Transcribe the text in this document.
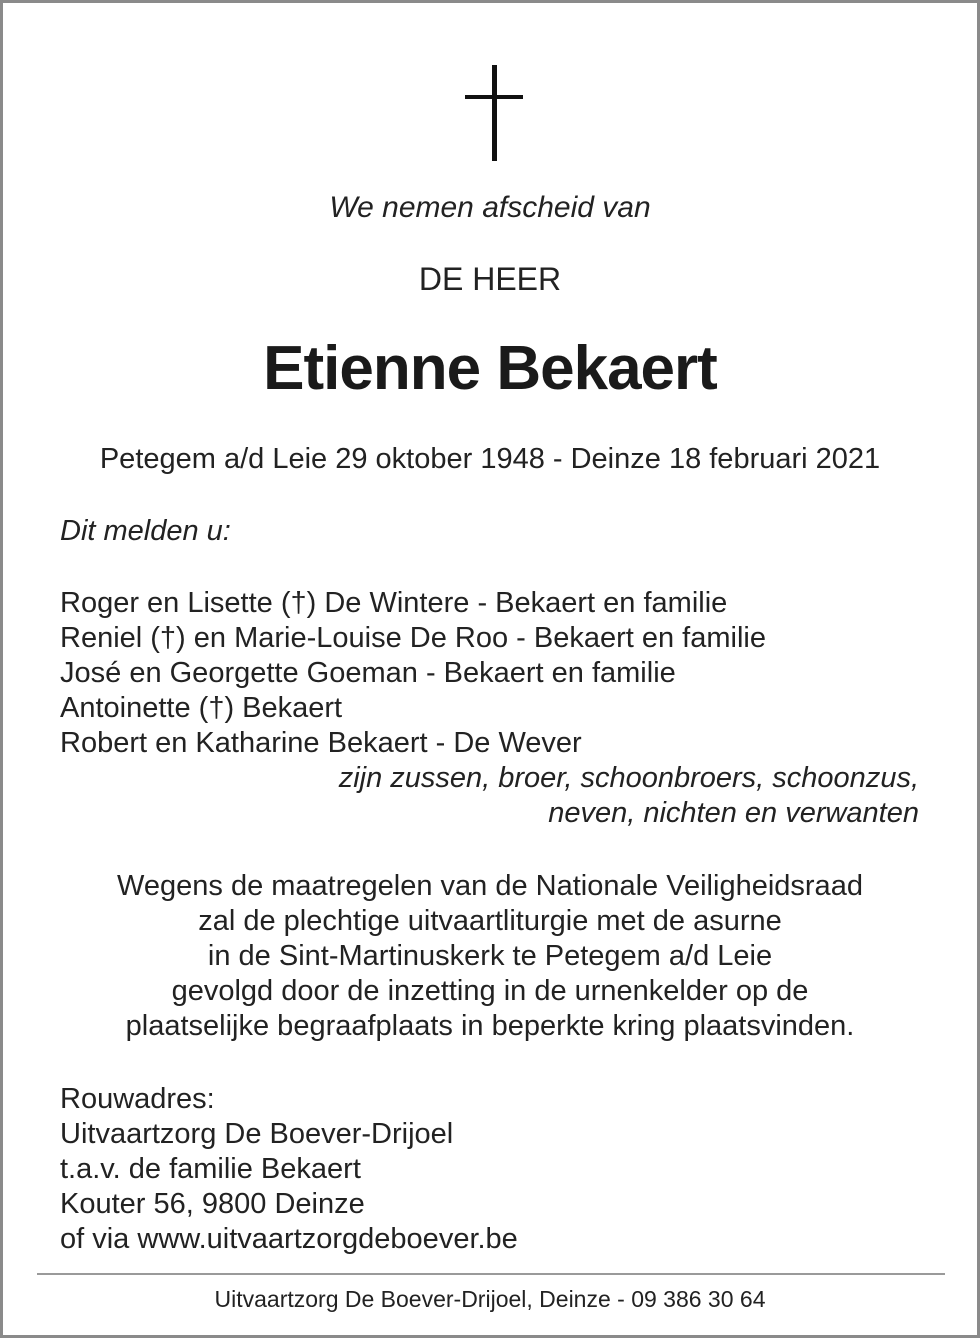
We nemen afscheid van
DE HEER
Etienne Bekaert
Petegem a/d Leie 29 oktober 1948 - Deinze 18 februari 2021
Dit melden u:
Roger en Lisette (†) De Wintere - Bekaert en familie
Reniel (†) en Marie-Louise De Roo - Bekaert en familie
José en Georgette Goeman - Bekaert en familie
Antoinette (†) Bekaert
Robert en Katharine Bekaert - De Wever
zijn zussen, broer, schoonbroers, schoonzus,
neven, nichten en verwanten
Wegens de maatregelen van de Nationale Veiligheidsraad
zal de plechtige uitvaartliturgie met de asurne
in de Sint-Martinuskerk te Petegem a/d Leie
gevolgd door de inzetting in de urnenkelder op de
plaatselijke begraafplaats in beperkte kring plaatsvinden.
Rouwadres:
Uitvaartzorg De Boever-Drijoel
t.a.v. de familie Bekaert
Kouter 56, 9800 Deinze
of via www.uitvaartzorgdeboever.be
Uitvaartzorg De Boever-Drijoel, Deinze - 09 386 30 64
